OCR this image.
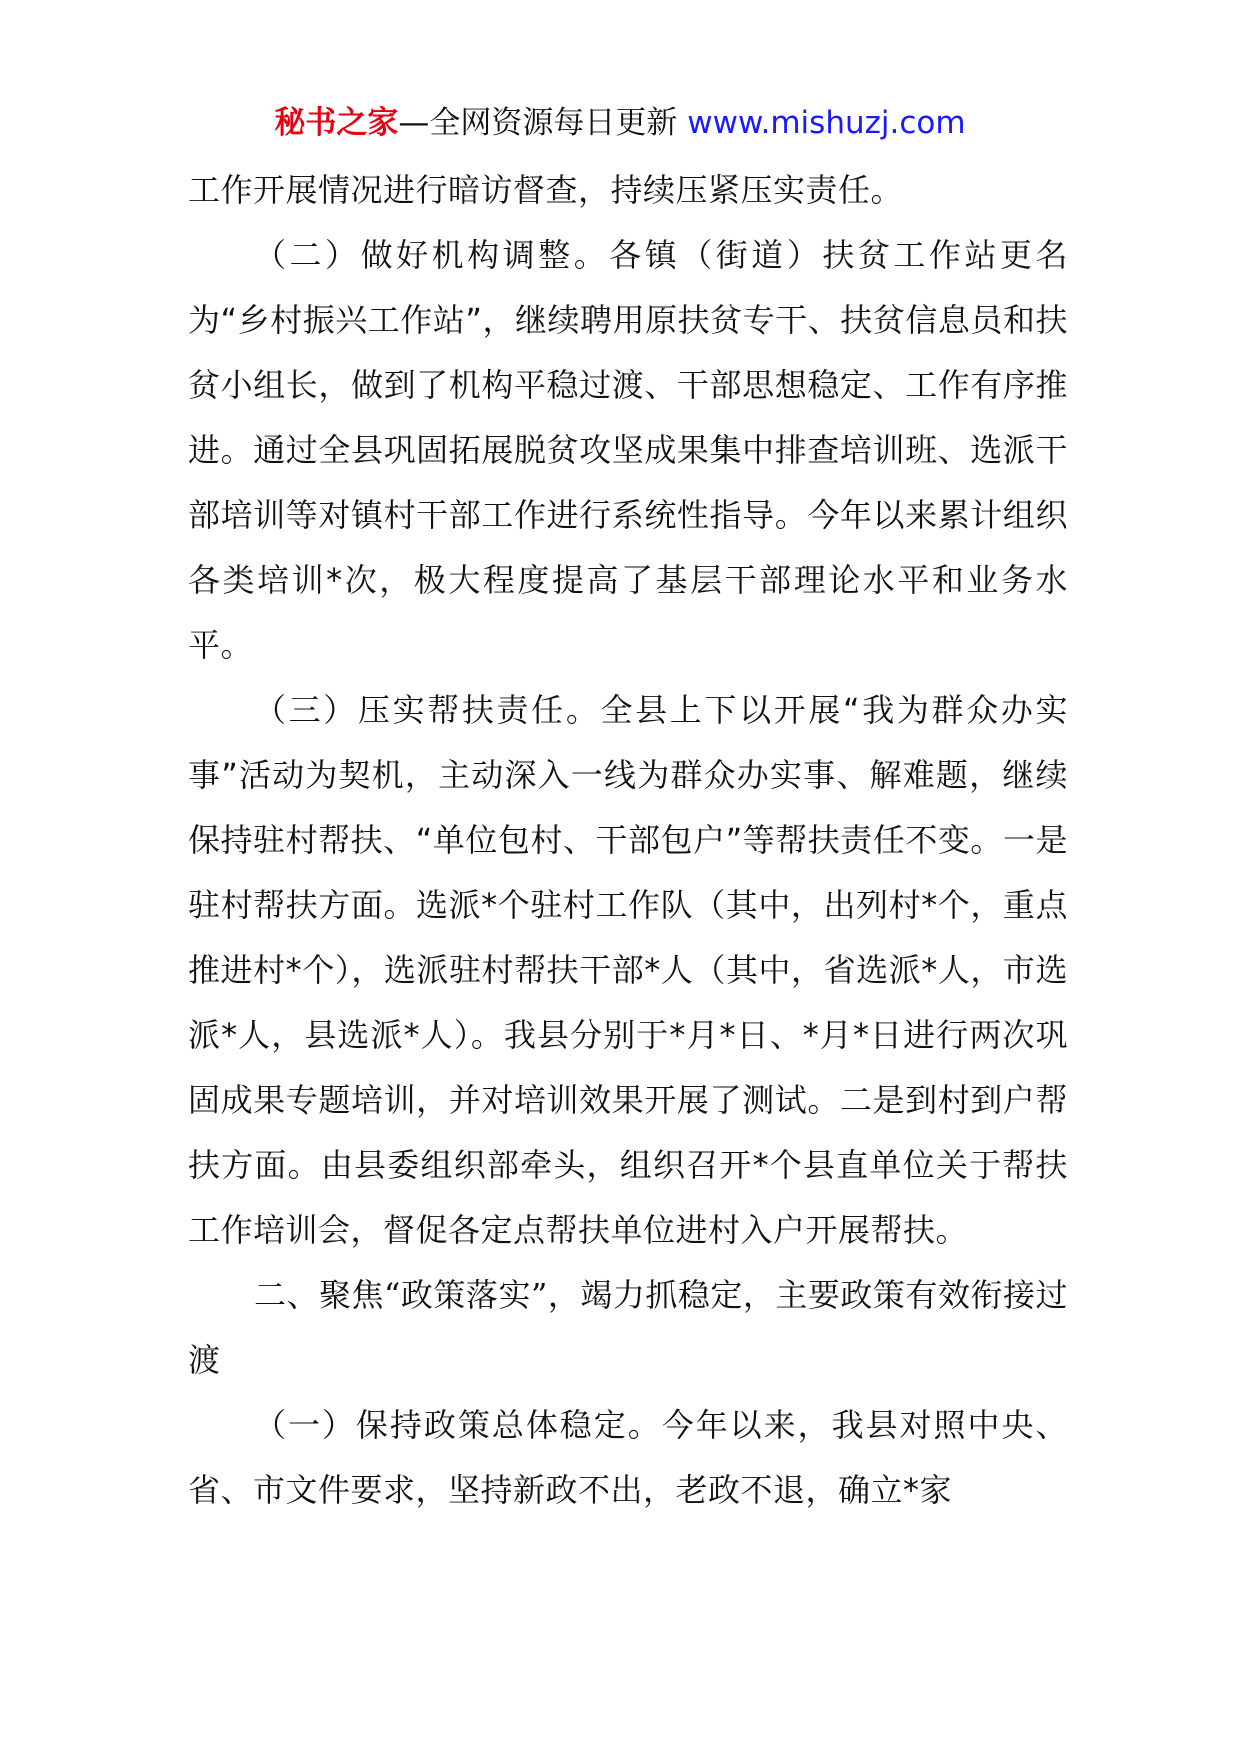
秘书之家—全网资源每日更新 www.mishuzj.com

工作开展情况进行暗访督查，持续压紧压实责任。

（二）做好机构调整。各镇（街道）扶贫工作站更名为“乡村振兴工作站”，继续聘用原扶贫专干、扶贫信息员和扶贫小组长，做到了机构平稳过渡、干部思想稳定、工作有序推进。通过全县巩固拓展脱贫攻坚成果集中排查培训班、选派干部培训等对镇村干部工作进行系统性指导。今年以来累计组织各类培训*次，极大程度提高了基层干部理论水平和业务水平。

（三）压实帮扶责任。全县上下以开展“我为群众办实事”活动为契机，主动深入一线为群众办实事、解难题，继续保持驻村帮扶、“单位包村、干部包户”等帮扶责任不变。一是驻村帮扶方面。选派*个驻村工作队（其中，出列村*个，重点推进村*个），选派驻村帮扶干部*人（其中，省选派*人，市选派*人，县选派*人）。我县分别于*月*日、*月*日进行两次巩固成果专题培训，并对培训效果开展了测试。二是到村到户帮扶方面。由县委组织部牵头，组织召开*个县直单位关于帮扶工作培训会，督促各定点帮扶单位进村入户开展帮扶。

二、聚焦“政策落实”，竭力抓稳定，主要政策有效衔接过渡

（一）保持政策总体稳定。今年以来，我县对照中央、省、市文件要求，坚持新政不出，老政不退，确立*家
